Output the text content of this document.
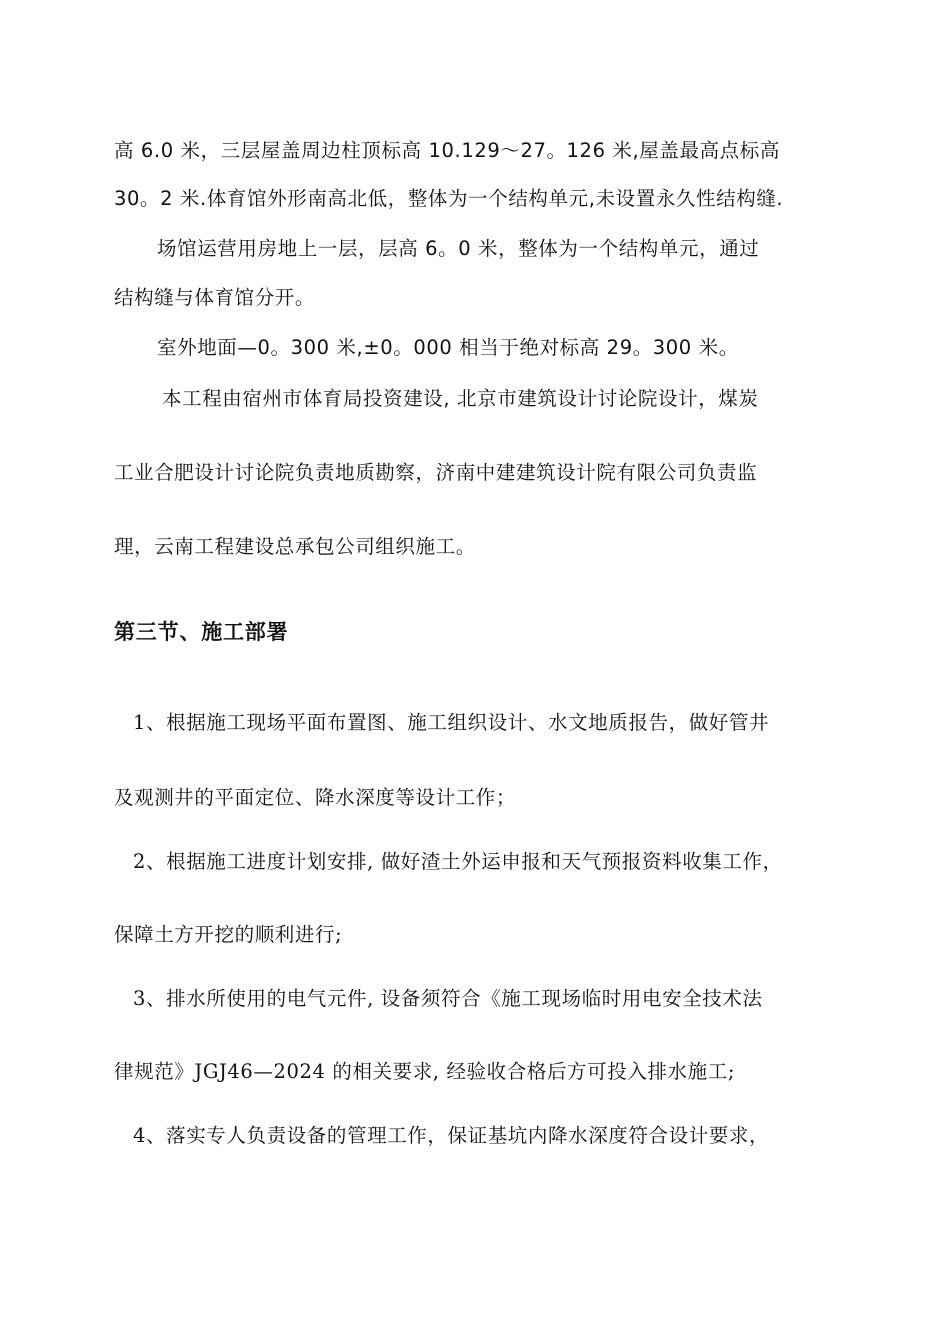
高 6.0 米，三层屋盖周边柱顶标高 10.129～27。126 米,屋盖最高点标高
30。2 米.体育馆外形南高北低，整体为一个结构单元,未设置永久性结构缝.
场馆运营用房地上一层，层高 6。0 米，整体为一个结构单元，通过
结构缝与体育馆分开。
室外地面—0。300 米,±0。000 相当于绝对标高 29。300 米。
本工程由宿州市体育局投资建设, 北京市建筑设计讨论院设计，煤炭
工业合肥设计讨论院负责地质勘察，济南中建建筑设计院有限公司负责监
理，云南工程建设总承包公司组织施工。
第三节、施工部署
1、根据施工现场平面布置图、施工组织设计、水文地质报告，做好管井
及观测井的平面定位、降水深度等设计工作；
2、根据施工进度计划安排, 做好渣土外运申报和天气预报资料收集工作，
保障土方开挖的顺利进行;
3、排水所使用的电气元件, 设备须符合《施工现场临时用电安全技术法
律规范》JGJ46—2024 的相关要求, 经验收合格后方可投入排水施工;
4、落实专人负责设备的管理工作，保证基坑内降水深度符合设计要求，
